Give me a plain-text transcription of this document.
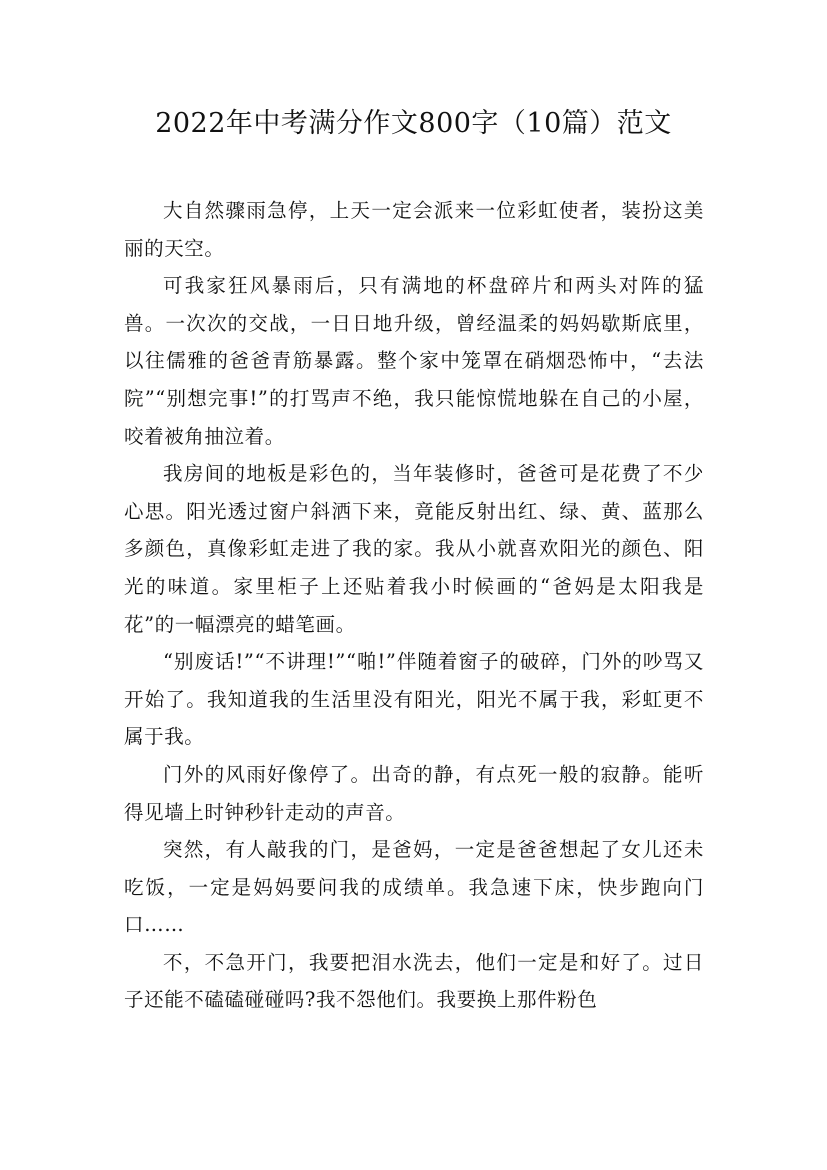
2022年中考满分作文800字（10篇）范文

大自然骤雨急停，上天一定会派来一位彩虹使者，装扮这美丽的天空。

可我家狂风暴雨后，只有满地的杯盘碎片和两头对阵的猛兽。一次次的交战，一日日地升级，曾经温柔的妈妈歇斯底里，以往儒雅的爸爸青筋暴露。整个家中笼罩在硝烟恐怖中，“去法院”“别想完事!”的打骂声不绝，我只能惊慌地躲在自己的小屋，咬着被角抽泣着。

我房间的地板是彩色的，当年装修时，爸爸可是花费了不少心思。阳光透过窗户斜洒下来，竟能反射出红、绿、黄、蓝那么多颜色，真像彩虹走进了我的家。我从小就喜欢阳光的颜色、阳光的味道。家里柜子上还贴着我小时候画的“爸妈是太阳我是花”的一幅漂亮的蜡笔画。

“别废话!”“不讲理!”“啪!”伴随着窗子的破碎，门外的吵骂又开始了。我知道我的生活里没有阳光，阳光不属于我，彩虹更不属于我。

门外的风雨好像停了。出奇的静，有点死一般的寂静。能听得见墙上时钟秒针走动的声音。

突然，有人敲我的门，是爸妈，一定是爸爸想起了女儿还未吃饭，一定是妈妈要问我的成绩单。我急速下床，快步跑向门口……

不，不急开门，我要把泪水洗去，他们一定是和好了。过日子还能不磕磕碰碰吗?我不怨他们。我要换上那件粉色
